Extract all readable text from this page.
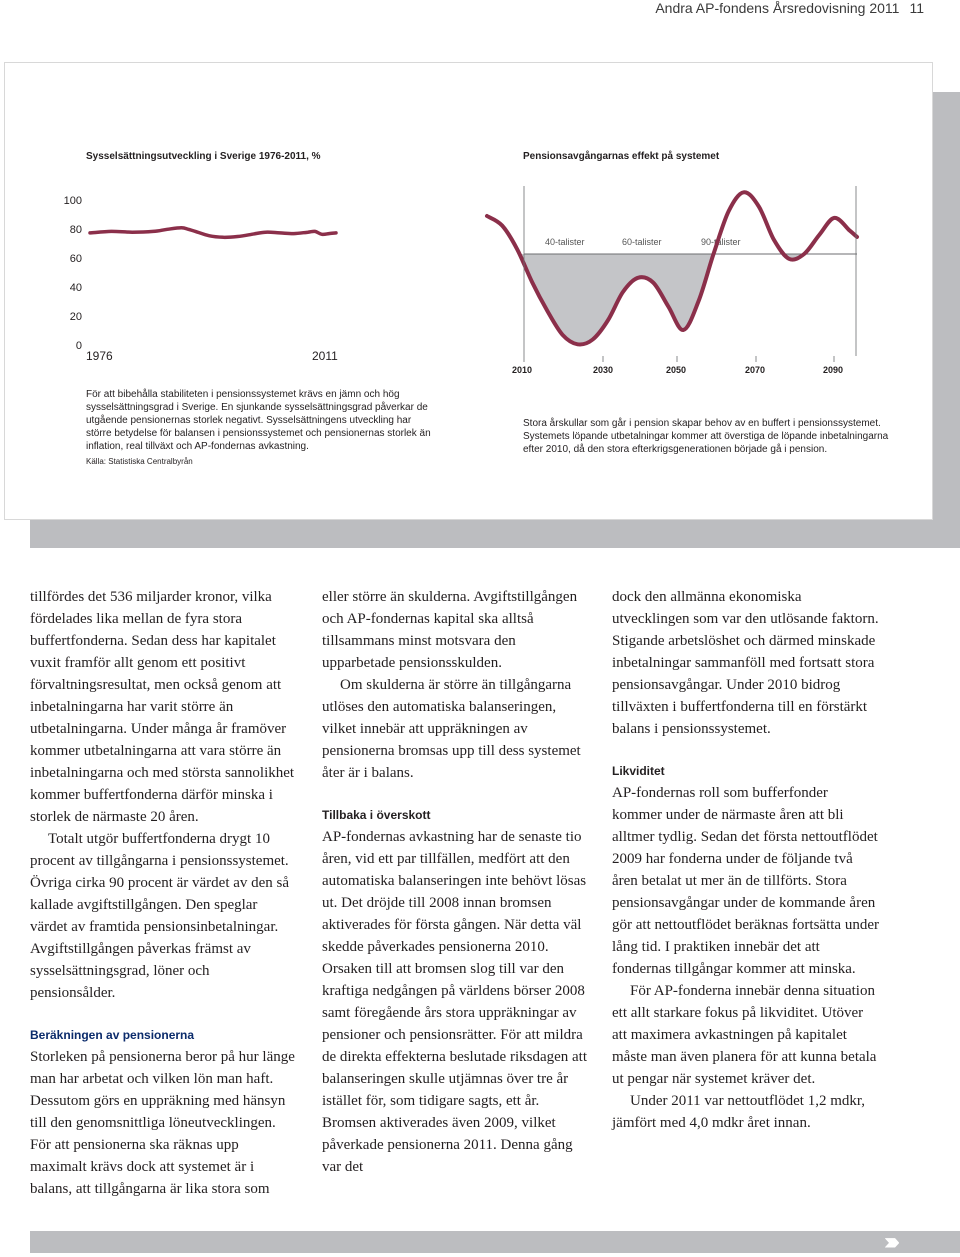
Andra AP-fondens Årsredovisning 2011 11
Sysselsättningsutveckling i Sverige 1976-2011, %
100
80
60
40
20
0
1976	2011
För att bibehålla stabiliteten i pensionssystemet krävs en jämn och hög sysselsättningsgrad i Sverige. En sjunkande sysselsättningsgrad påverkar de utgående pensionernas storlek negativt. Sysselsättningens utveckling har större betydelse för balansen i pensionssystemet och pensionernas storlek än inflation, real tillväxt och AP-fondernas avkastning.
Källa: Statistiska Centralbyrån
Pensionsavgångarnas effekt på systemet
40-talister	60-talister	90-talister
2010	2030	2050	2070	2090
Stora årskullar som går i pension skapar behov av en buffert i pensionssystemet. Systemets löpande utbetalningar kommer att överstiga de löpande inbetalningarna efter 2010, då den stora efterkrigsgenerationen började gå i pension.

tillfördes det 536 miljarder kronor, vilka fördelades lika mellan de fyra stora buffertfonderna. Sedan dess har kapitalet vuxit framför allt genom ett positivt förvaltningsresultat, men också genom att inbetalningarna har varit större än utbetalningarna. Under många år framöver kommer utbetalningarna att vara större än inbetalningarna och med största sannolikhet kommer buffertfonderna därför minska i storlek de närmaste 20 åren.

Totalt utgör buffertfonderna drygt 10 procent av tillgångarna i pensionssystemet. Övriga cirka 90 procent är värdet av den så kallade avgiftstillgången. Den speglar värdet av framtida pensionsinbetalningar. Avgiftstillgången påverkas främst av sysselsättningsgrad, löner och pensionsålder.

Beräkningen av pensionerna

Storleken på pensionerna beror på hur länge man har arbetat och vilken lön man haft. Dessutom görs en uppräkning med hänsyn till den genomsnittliga löneutvecklingen. För att pensionerna ska räknas upp maximalt krävs dock att systemet är i balans, att tillgångarna är lika stora som

eller större än skulderna. Avgiftstillgången och AP-fondernas kapital ska alltså tillsammans minst motsvara den upparbetade pensionsskulden.

Om skulderna är större än tillgångarna utlöses den automatiska balanseringen, vilket innebär att uppräkningen av pensionerna bromsas upp till dess systemet åter är i balans.

Tillbaka i överskott

AP-fondernas avkastning har de senaste tio åren, vid ett par tillfällen, medfört att den automatiska balanseringen inte behövt lösas ut. Det dröjde till 2008 innan bromsen aktiverades för första gången. När detta väl skedde påverkades pensionerna 2010. Orsaken till att bromsen slog till var den kraftiga nedgången på världens börser 2008 samt föregående års stora uppräkningar av pensioner och pensionsrätter. För att mildra de direkta effekterna beslutade riksdagen att balanseringen skulle utjämnas över tre år istället för, som tidigare sagts, ett år. Bromsen aktiverades även 2009, vilket påverkade pensionerna 2011. Denna gång var det

dock den allmänna ekonomiska utvecklingen som var den utlösande faktorn. Stigande arbetslöshet och därmed minskade inbetalningar sammanföll med fortsatt stora pensionsavgångar. Under 2010 bidrog tillväxten i buffertfonderna till en förstärkt balans i pensionssystemet.

Likviditet

AP-fondernas roll som bufferfonder kommer under de närmaste åren att bli alltmer tydlig. Sedan det första nettoutflödet 2009 har fonderna under de följande två åren betalat ut mer än de tillförts. Stora pensionsavgångar under de kommande åren gör att nettoutflödet beräknas fortsätta under lång tid. I praktiken innebär det att fondernas tillgångar kommer att minska.

För AP-fonderna innebär denna situation ett allt starkare fokus på likviditet. Utöver att maximera avkastningen på kapitalet måste man även planera för att kunna betala ut pengar när systemet kräver det.

Under 2011 var nettoutflödet 1,2 mdkr, jämfört med 4,0 mdkr året innan.

›››››
